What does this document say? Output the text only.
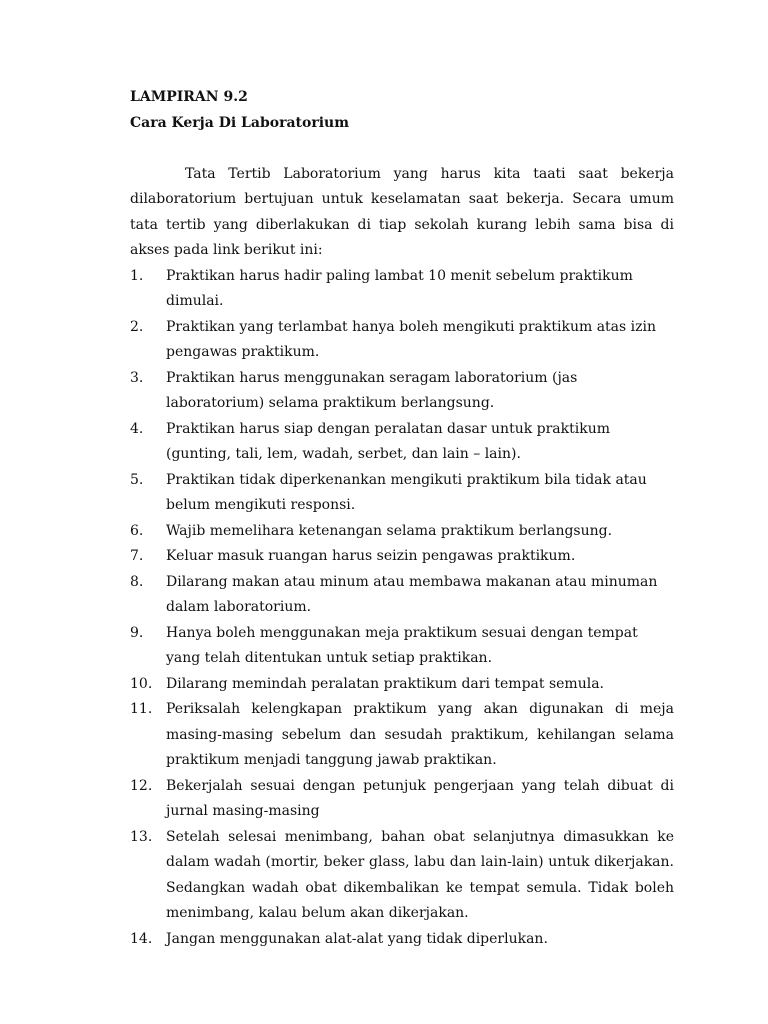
LAMPIRAN 9.2

Cara Kerja Di Laboratorium

Tata Tertib Laboratorium yang harus kita taati saat bekerja dilaboratorium bertujuan untuk keselamatan saat bekerja. Secara umum tata tertib yang diberlakukan di tiap sekolah kurang lebih sama bisa di akses pada link berikut ini:

1.	Praktikan harus hadir paling lambat 10 menit sebelum praktikum dimulai.
2.	Praktikan yang terlambat hanya boleh mengikuti praktikum atas izin pengawas praktikum.
3.	Praktikan harus menggunakan seragam laboratorium (jas laboratorium) selama praktikum berlangsung.
4.	Praktikan harus siap dengan peralatan dasar untuk praktikum (gunting, tali, lem, wadah, serbet, dan lain – lain).
5.	Praktikan tidak diperkenankan mengikuti praktikum bila tidak atau belum mengikuti responsi.
6.	Wajib memelihara ketenangan selama praktikum berlangsung.
7.	Keluar masuk ruangan harus seizin pengawas praktikum.
8.	Dilarang makan atau minum atau membawa makanan atau minuman dalam laboratorium.
9.	Hanya boleh menggunakan meja praktikum sesuai dengan tempat yang telah ditentukan untuk setiap praktikan.
10. Dilarang memindah peralatan praktikum dari tempat semula.
11. Periksalah kelengkapan praktikum yang akan digunakan di meja masing-masing sebelum dan sesudah praktikum, kehilangan selama praktikum menjadi tanggung jawab praktikan.
12. Bekerjalah sesuai dengan petunjuk pengerjaan yang telah dibuat di jurnal masing-masing
13. Setelah selesai menimbang, bahan obat selanjutnya dimasukkan ke dalam wadah (mortir, beker glass, labu dan lain-lain) untuk dikerjakan. Sedangkan wadah obat dikembalikan ke tempat semula. Tidak boleh menimbang, kalau belum akan dikerjakan.
14. Jangan menggunakan alat-alat yang tidak diperlukan.
